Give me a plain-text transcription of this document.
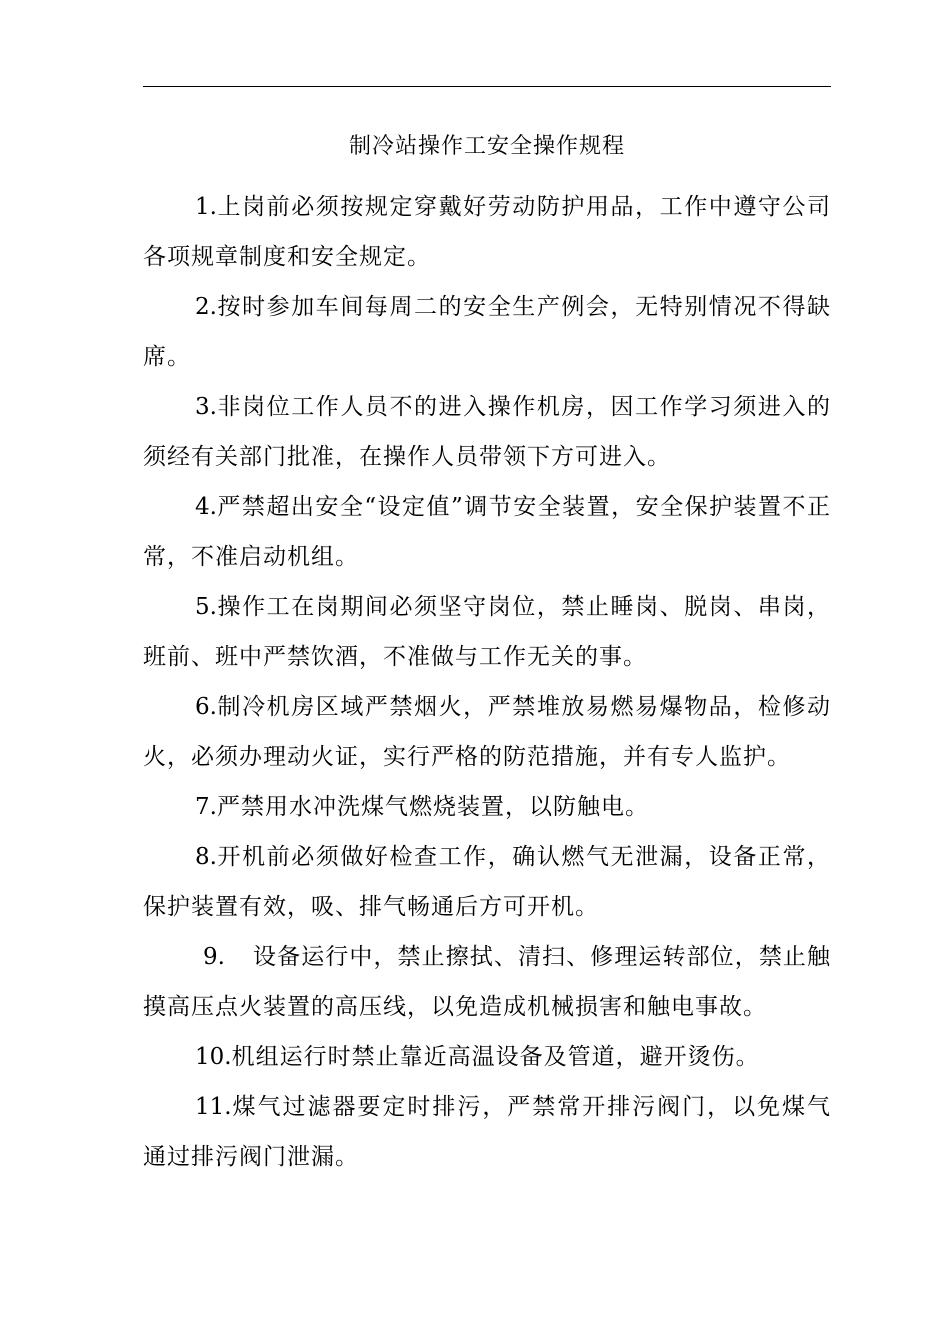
制冷站操作工安全操作规程

1.上岗前必须按规定穿戴好劳动防护用品，工作中遵守公司各项规章制度和安全规定。

2.按时参加车间每周二的安全生产例会，无特别情况不得缺席。

3.非岗位工作人员不的进入操作机房，因工作学习须进入的须经有关部门批准，在操作人员带领下方可进入。

4.严禁超出安全“设定值”调节安全装置，安全保护装置不正常，不准启动机组。

5.操作工在岗期间必须坚守岗位，禁止睡岗、脱岗、串岗，班前、班中严禁饮酒，不准做与工作无关的事。

6.制冷机房区域严禁烟火，严禁堆放易燃易爆物品，检修动火，必须办理动火证，实行严格的防范措施，并有专人监护。

7.严禁用水冲洗煤气燃烧装置，以防触电。

8.开机前必须做好检查工作，确认燃气无泄漏，设备正常，保护装置有效，吸、排气畅通后方可开机。

9. 设备运行中，禁止擦拭、清扫、修理运转部位，禁止触摸高压点火装置的高压线，以免造成机械损害和触电事故。

10.机组运行时禁止靠近高温设备及管道，避开烫伤。

11.煤气过滤器要定时排污，严禁常开排污阀门，以免煤气通过排污阀门泄漏。
